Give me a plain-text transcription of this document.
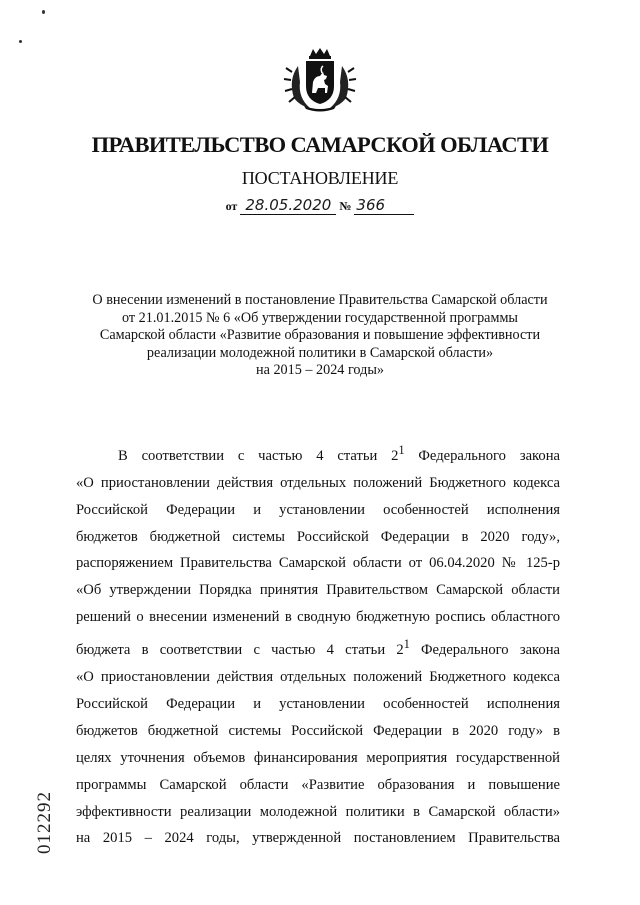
ПРАВИТЕЛЬСТВО САМАРСКОЙ ОБЛАСТИ
ПОСТАНОВЛЕНИЕ
от 28.05.2020 № 366
О внесении изменений в постановление Правительства Самарской области
от 21.01.2015 № 6 «Об утверждении государственной программы
Самарской области «Развитие образования и повышение эффективности
реализации молодежной политики в Самарской области»
на 2015 – 2024 годы»
В соответствии с частью 4 статьи $2^1$ Федерального закона
«О приостановлении действия отдельных положений Бюджетного кодекса
Российской Федерации и установлении особенностей исполнения
бюджетов бюджетной системы Российской Федерации в 2020 году»,
распоряжением Правительства Самарской области от 06.04.2020 № 125-р
«Об утверждении Порядка принятия Правительством Самарской области
решений о внесении изменений в сводную бюджетную роспись областного
бюджета в соответствии с частью 4 статьи $2^1$ Федерального закона
«О приостановлении действия отдельных положений Бюджетного кодекса
Российской Федерации и установлении особенностей исполнения
бюджетов бюджетной системы Российской Федерации в 2020 году» в
целях уточнения объемов финансирования мероприятия государственной
программы Самарской области «Развитие образования и повышение
эффективности реализации молодежной политики в Самарской области»
на 2015 – 2024 годы, утвержденной постановлением Правительства
012292
